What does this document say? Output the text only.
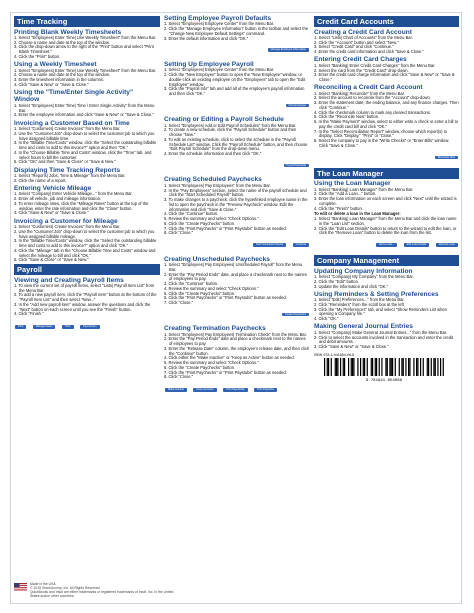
Time Tracking
Printing Blank Weekly Timesheets
1. Select "Employees| Enter Time| Use Weekly Timesheet" from the Menu Bar.
2. Choose a name and date at the top of the window.
3. Click the drop-down arrow to the right of the "Print" button and select "Print Blank Timesheet."
4. Click the "Print" button.
Using a Weekly Timesheet
1. Select "Employees| Enter Time| Use Weekly Timesheet" from the Menu Bar.
2. Choose a name and date at the top of the window.
3. Enter the timesheet information in the columns.
4. Click "Save & New" or "Save & Close."
Using the "Time/Enter Single Activity" Window
1. Select "Employees| Enter Time| Time / Enter Single Activity" from the Menu Bar.
2. Enter the employee information and click "Save & New" or "Save & Close."
Invoicing a Customer Based on Time
1. Select "Customers| Create Invoices" from the Menu Bar.
2. Use the "Customer:Job" drop-down to select the customer:job to which you have assigned billable time.
3. In the "Billable Time/Costs" window, click the "Select the outstanding billable time and costs to add to this invoice?" option and then "OK."
4. In the "Choose Billable Time and Costs" window, click the "Time" tab, and select hours to bill the customer.
5. Click "OK" and then "Save & Close" or "Save & New."
Displaying Time Tracking Reports
1. Select "Reports| Jobs, Time & Mileage" from the Menu Bar.
2. Click the name of a report.
Entering Vehicle Mileage
1. Select "Company| Enter Vehicle Mileage..." from the Menu Bar.
2. Enter all vehicle, job and mileage information.
3. To enter mileage rates, click the "Mileage Rates" button at the top of the window, enter the rate information and click the "Close" button.
4. Click "Save & New" or "Save & Close."
Invoicing a Customer for Mileage
1. Select "Customers| Create Invoices" from the Menu Bar.
2. Use the "Customer:Job" drop-down to select the customer:job to which you have assigned billable mileage.
3. In the "Billable Time/Costs" window, click the "Select the outstanding billable time and costs to add to this invoice?" option and click "OK."
4. Click the "Mileage" tab in the "Choose Billable Time and Costs" window and select the mileage to bill and click "OK."
5. Click "Save & Close" or "Save & New."
Payroll
Viewing and Creating Payroll Items
1. To view the current set of payroll items, select "Lists| Payroll Item List" from the Menu Bar.
2. To add a new payroll item, click the "Payroll Item" button at the bottom of the "Payroll Item List" and then select "New..."
3. In the "Add new payroll item" window, answer the questions and click the "Next" button on each screen until you see the "Finish" button.
4. Click "Finish."
Print	Mileage Rates	Time	Payroll Item
Setting Employee Payroll Defaults
1. Select "Employees| Employee Center" from the Menu Bar.
2. Click the "Manage Employee Information" button in the toolbar and select the "Change New Employee Default Settings" command.
3. Enter the default information and click "OK."
Manage Employee Information
Setting Up Employee Payroll
1. Select "Employees| Employee Center" from the Menu Bar.
2. Click the "New Employee" button to open the "New Employee" window, or double-click an existing employee on the "Employees" tab to open the "Edit Employee" window.
3. Click the "Payroll Info" tab and add all of the employee's payroll information and then click "OK."
New Employee
Creating or Editing a Payroll Schedule
1. Select "Employees| Add or Edit Payroll Schedules" from the Menu Bar.
2. To create a new schedule, click the "Payroll Schedule" button and then choose "New."
3. To edit an existing schedule, click to select the schedule in the "Payroll Schedule List" window. Click the "Payroll Schedule" button, and then choose "Edit Payroll Schedule" from the drop-down menu.
4. Enter the schedule information and then click "OK."
Payroll Schedule
Creating Scheduled Paychecks
1. Select "Employees| Pay Employees" from the Menu Bar.
2. In the "Pay Employees" section, select the name of the payroll schedule and click the "Start Scheduled Payroll" button.
3. To make changes to a paycheck, click the hyperlinked employee name in the list to open the paycheck in the "Preview Paycheck" window. Edit the information and click "Save & Close."
4. Click the "Continue" button.
5. Review the summary and select "Check Options."
6. Click the "Create Paychecks" button.
7. Click the "Print Paychecks" or "Print Paystubs" button as needed.
8. Click "Close."
Start Scheduled Payroll	Continue
Creating Unscheduled Paychecks
1. Select "Employees| Pay Employees| Unscheduled Payroll" from the Menu Bar.
2. Enter the "Pay Period Ends" date, and place a checkmark next to the names of employees to pay.
3. Click the "Continue" button.
4. Review the summary and select "Check Options."
5. Click the "Create Paychecks" button.
6. Click the "Print Paychecks" or "Print Paystubs" button as needed.
7. Click "Close."
Create Paychecks
Creating Termination Paychecks
1. Select "Employees| Pay Employees| Termination Check" from the Menu Bar.
2. Enter the "Pay Period Ends" date and place a checkmark next to the names of employees to pay.
3. Enter the "Release Date" column, the employee's release date, and then click the "Continue" button.
4. Click either the "Make Inactive" or "Keep as Active" button as needed.
5. Review the summary and select "Check Options."
6. Click the "Create Paychecks" button.
7. Click the "Print Paychecks" or "Print Paystubs" button as needed.
8. Click "Close."
Make Inactive	Keep as Active	Print Paychecks	Print Paystubs
Credit Card Accounts
Creating a Credit Card Account
1. Select "Lists| Chart of Accounts" from the Menu Bar.
2. Click the "Account" button and select "New."
3. Select "Credit Card" and click "Continue."
4. Enter the credit card information and click "Save & Close."
Entering Credit Card Charges
1. Select "Banking| Enter Credit Card Charges" from the Menu Bar.
2. Select the card from the "Credit Card" drop-down.
3. Enter the credit card charge information and click "Save & New" or "Save & Close."
Reconciling a Credit Card Account
1. Select "Banking| Reconcile" from the Menu Bar.
2. Select the account to reconcile from the "Account" drop-down.
3. Enter the statement date, the ending balance, and any finance charges. Then click "Continue."
4. Click the checkmark column to mark any cleared transactions.
5. Click the "Reconcile Now" button.
6. In the "Make Payment" window, select to either write a check or enter a bill to pay the credit card bill and click "OK."
7. In the "Select Reconciliation Report" window, choose which report(s) to display. Click "Display," "Print" or "Close."
8. Select the company to pay in the "Write Checks" or "Enter Bills" window. Click "Save & Close."
Reconcile Now
The Loan Manager
Using the Loan Manager
1. Select "Banking| Loan Manager" from the Menu Bar.
2. Click the "Add a Loan..." button.
3. Enter the loan information on each screen and click "Next" until the wizard is complete.
4. Click the "Finish" button.
To edit or delete a loan in the Loan Manager:
1. Select "Banking| Loan Manager" from the Menu Bar and click the loan name in the "Loan List" section.
2. Click the "Edit Loan Details" button to return to the wizard to edit the loan, or click the "Remove Loan" button to delete the loan from the list.
Add a Loan...	Edit Loan Details	Remove Loan
Company Management
Updating Company Information
1. Select "Company| My Company" from the Menu Bar.
2. Click the "Edit" button.
3. Update the information and click "OK."
Using Reminders & Setting Preferences
1. Select "Edit| Preferences..." from the Menu Bar.
2. Click "Reminders" from the scroll box at the left.
3. Click the "My Preferences" tab, and select "Show Reminders List when opening a Company file."
4. Click "OK."
Making General Journal Entries
1. Select "Company| Make General Journal Entries..." from the Menu Bar.
2. Click to select the accounts involved in the transaction and enter the credit and debit amounts.
3. Click "Save & New" or "Save & Close."
ISBN 978-1-941854-06-8
9 781941 854068
Made in the USA
© 2015 TeachUcomp, Inc. All Rights Reserved.
QuickBooks and Intuit are either trademarks or registered trademarks of Intuit, Inc. in the United States and/or other countries.
